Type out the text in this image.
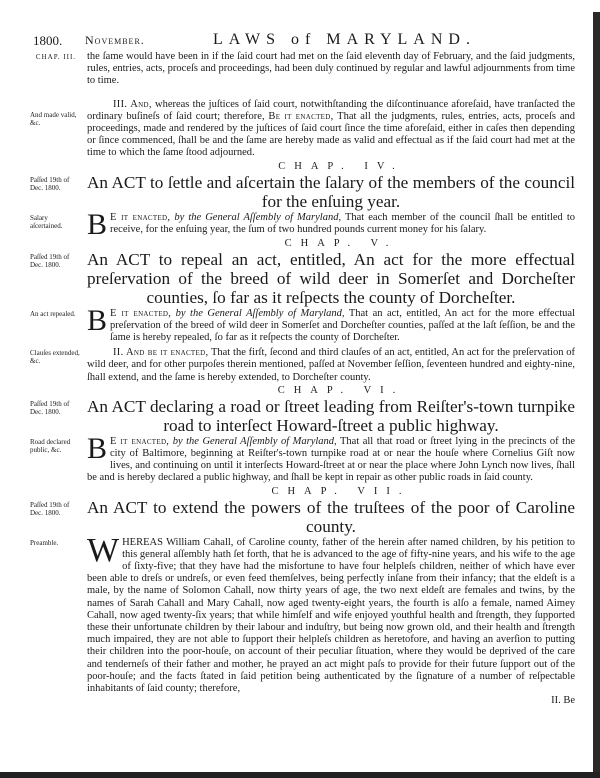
1800. November.	LAWS of MARYLAND.
CHAP. III.	the ſame would have been in if the ſaid court had met on the ſaid eleventh day of February, and the ſaid judgments, rules, entries, acts, proceſs and proceedings, had been duly continued by regular and lawful adjournments from time to time.

And made valid, &c.

III. And, whereas the juſtices of ſaid court, notwithſtanding the diſcontinuance aforeſaid, have tranſacted the ordinary buſineſs of ſaid court; therefore, Be it enacted, That all the judgments, rules, entries, acts, proceſs and proceedings, made and rendered by the juſtices of ſaid court ſince the time aforeſaid, either in caſes then depending or ſince commenced, ſhall be and the ſame are hereby made as valid and effectual as if the ſaid court had met at the time to which the ſame ſtood adjourned.

CHAP. IV.
Paſſed 19th of Dec. 1800.	An ACT to ſettle and aſcertain the ſalary of the members of the council for the enſuing year.

Salary aſcertained. B E it enacted, by the General Aſſembly of Maryland, That each member of the council ſhall be entitled to receive, for the enſuing year, the ſum of two hundred pounds current money for his ſalary.

CHAP. V.
Paſſed 19th of Dec. 1800.	An ACT to repeal an act, entitled, An act for the more effectual preſervation of the breed of wild deer in Somerſet and Dorcheſter counties, ſo far as it reſpects the county of Dorcheſter.

An act repealed. B E it enacted, by the General Aſſembly of Maryland, That an act, entitled, An act for the more effectual preſervation of the breed of wild deer in Somerſet and Dorcheſter counties, paſſed at the laſt ſeſſion, be and the ſame is hereby repealed, ſo far as it reſpects the county of Dorcheſter.

Clauſes extended, &c.

II. And be it enacted, That the firſt, ſecond and third clauſes of an act, entitled, An act for the preſervation of wild deer, and for other purpoſes therein mentioned, paſſed at November ſeſſion, ſeventeen hundred and eighty-nine, ſhall extend, and the ſame is hereby extended, to Dorcheſter county.

CHAP. VI.
Paſſed 19th of Dec. 1800.	An ACT declaring a road or ſtreet leading from Reiſter's-town turnpike road to interſect Howard-ſtreet a public highway.

Road declared public, &c. B E it enacted, by the General Aſſembly of Maryland, That all that road or ſtreet lying in the precincts of the city of Baltimore, beginning at Reiſter's-town turnpike road at or near the houſe where Cornelius Giſt now lives, and continuing on until it interſects Howard-ſtreet at or near the place where John Lynch now lives, ſhall be and is hereby declared a public highway, and ſhall be kept in repair as other public roads in ſaid county.

CHAP. VII.
Paſſed 19th of Dec. 1800.	An ACT to extend the powers of the truſtees of the poor of Caroline county.

Preamble. WHEREAS William Cahall, of Caroline county, father of the herein after named children, by his petition to this general aſſembly hath ſet forth, that he is advanced to the age of fifty-nine years, and his wife to the age of ſixty-five; that they have had the misfortune to have four helpleſs children, neither of which have ever been able to dreſs or undreſs, or even feed themſelves, being perfectly inſane from their infancy; that the eldeſt is a male, by the name of Solomon Cahall, now thirty years of age, the two next eldeſt are females and twins, by the names of Sarah Cahall and Mary Cahall, now aged twenty-eight years, the fourth is alſo a female, named Aimey Cahall, now aged twenty-ſix years; that while himſelf and wife enjoyed youthful health and ſtrength, they ſupported these their unfortunate children by their labour and induſtry, but being now grown old, and their health and ſtrength much impaired, they are not able to ſupport their helpleſs children as heretofore, and having an averſion to putting their children into the poor-houſe, on account of their peculiar ſituation, where they would be deprived of the care and tenderneſs of their father and mother, he prayed an act might paſs to provide for their future ſupport out of the poor-houſe; and the facts ſtated in ſaid petition being authenticated by the ſignature of a number of reſpectable inhabitants of ſaid county; therefore,

II. Be
